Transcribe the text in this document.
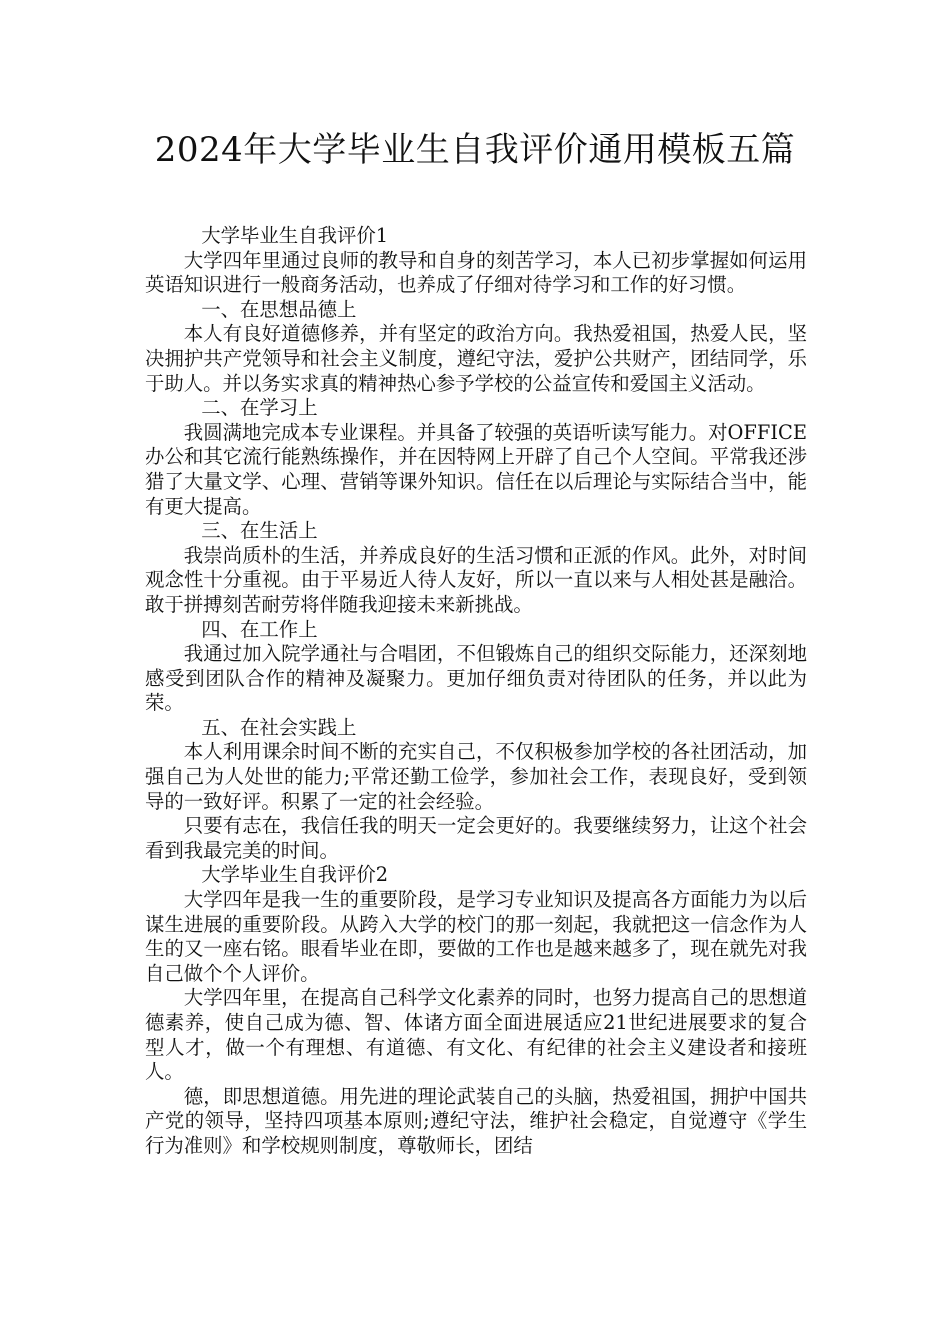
2024年大学毕业生自我评价通用模板五篇

大学毕业生自我评价1

大学四年里通过良师的教导和自身的刻苦学习，本人已初步掌握如何运用英语知识进行一般商务活动，也养成了仔细对待学习和工作的好习惯。

一、在思想品德上

本人有良好道德修养，并有坚定的政治方向。我热爱祖国，热爱人民，坚决拥护共产党领导和社会主义制度，遵纪守法，爱护公共财产，团结同学，乐于助人。并以务实求真的精神热心参予学校的公益宣传和爱国主义活动。

二、在学习上

我圆满地完成本专业课程。并具备了较强的英语听读写能力。对OFFICE办公和其它流行能熟练操作，并在因特网上开辟了自己个人空间。平常我还涉猎了大量文学、心理、营销等课外知识。信任在以后理论与实际结合当中，能有更大提高。

三、在生活上

我崇尚质朴的生活，并养成良好的生活习惯和正派的作风。此外，对时间观念性十分重视。由于平易近人待人友好，所以一直以来与人相处甚是融洽。敢于拼搏刻苦耐劳将伴随我迎接未来新挑战。

四、在工作上

我通过加入院学通社与合唱团，不但锻炼自己的组织交际能力，还深刻地感受到团队合作的精神及凝聚力。更加仔细负责对待团队的任务，并以此为荣。

五、在社会实践上

本人利用课余时间不断的充实自己，不仅积极参加学校的各社团活动，加强自己为人处世的能力;平常还勤工俭学，参加社会工作，表现良好，受到领导的一致好评。积累了一定的社会经验。

只要有志在，我信任我的明天一定会更好的。我要继续努力，让这个社会看到我最完美的时间。

大学毕业生自我评价2

大学四年是我一生的重要阶段，是学习专业知识及提高各方面能力为以后谋生进展的重要阶段。从跨入大学的校门的那一刻起，我就把这一信念作为人生的又一座右铭。眼看毕业在即，要做的工作也是越来越多了，现在就先对我自己做个个人评价。

大学四年里，在提高自己科学文化素养的同时，也努力提高自己的思想道德素养，使自己成为德、智、体诸方面全面进展适应21世纪进展要求的复合型人才，做一个有理想、有道德、有文化、有纪律的社会主义建设者和接班人。

德，即思想道德。用先进的理论武装自己的头脑，热爱祖国，拥护中国共产党的领导，坚持四项基本原则;遵纪守法，维护社会稳定，自觉遵守《学生行为准则》和学校规则制度，尊敬师长，团结
